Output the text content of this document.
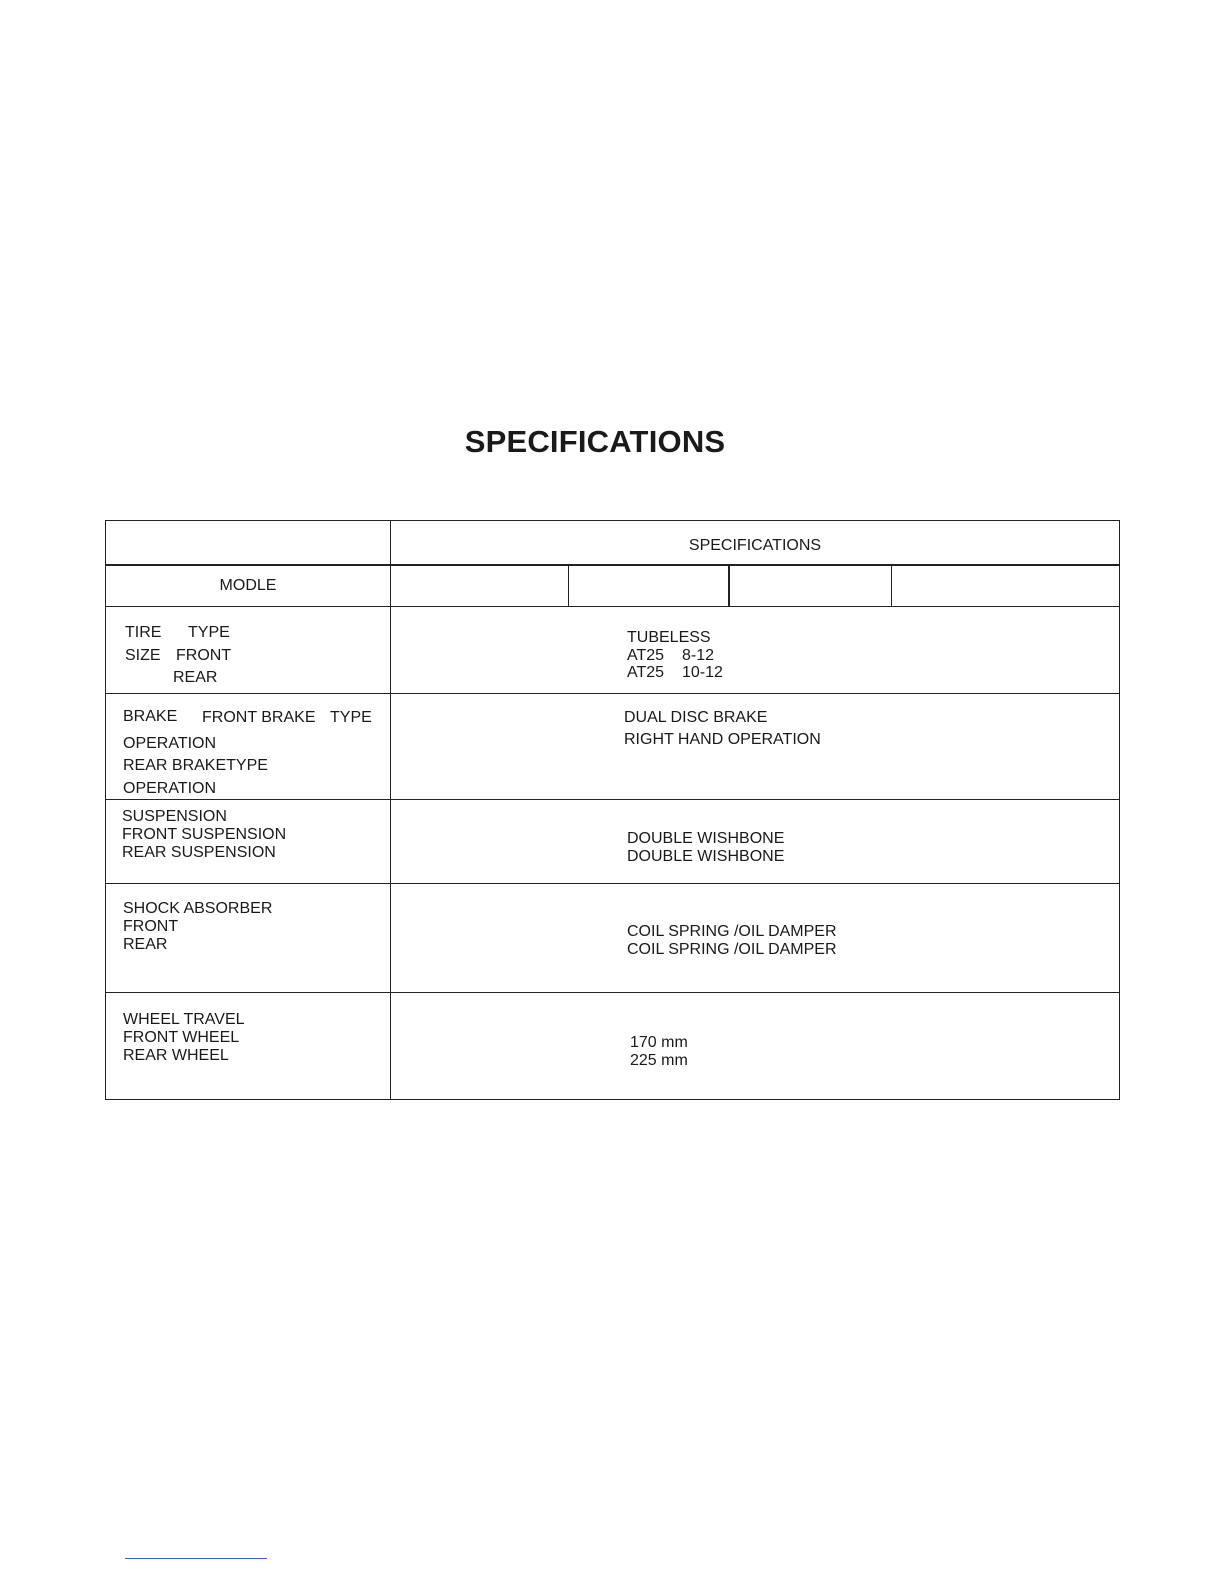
SPECIFICATIONS
SPECIFICATIONS
MODLE
TIRE TYPE
SIZE FRONT
REAR
TUBELESS
AT25 8-12
AT25 10-12
BRAKE FRONT BRAKE TYPE
OPERATION
REAR BRAKETYPE
OPERATION
DUAL DISC BRAKE
RIGHT HAND OPERATION
SUSPENSION
FRONT SUSPENSION
REAR SUSPENSION
DOUBLE WISHBONE
DOUBLE WISHBONE
SHOCK ABSORBER
FRONT
REAR
COIL SPRING /OIL DAMPER
COIL SPRING /OIL DAMPER
WHEEL TRAVEL
FRONT WHEEL
REAR WHEEL
170 mm
225 mm
